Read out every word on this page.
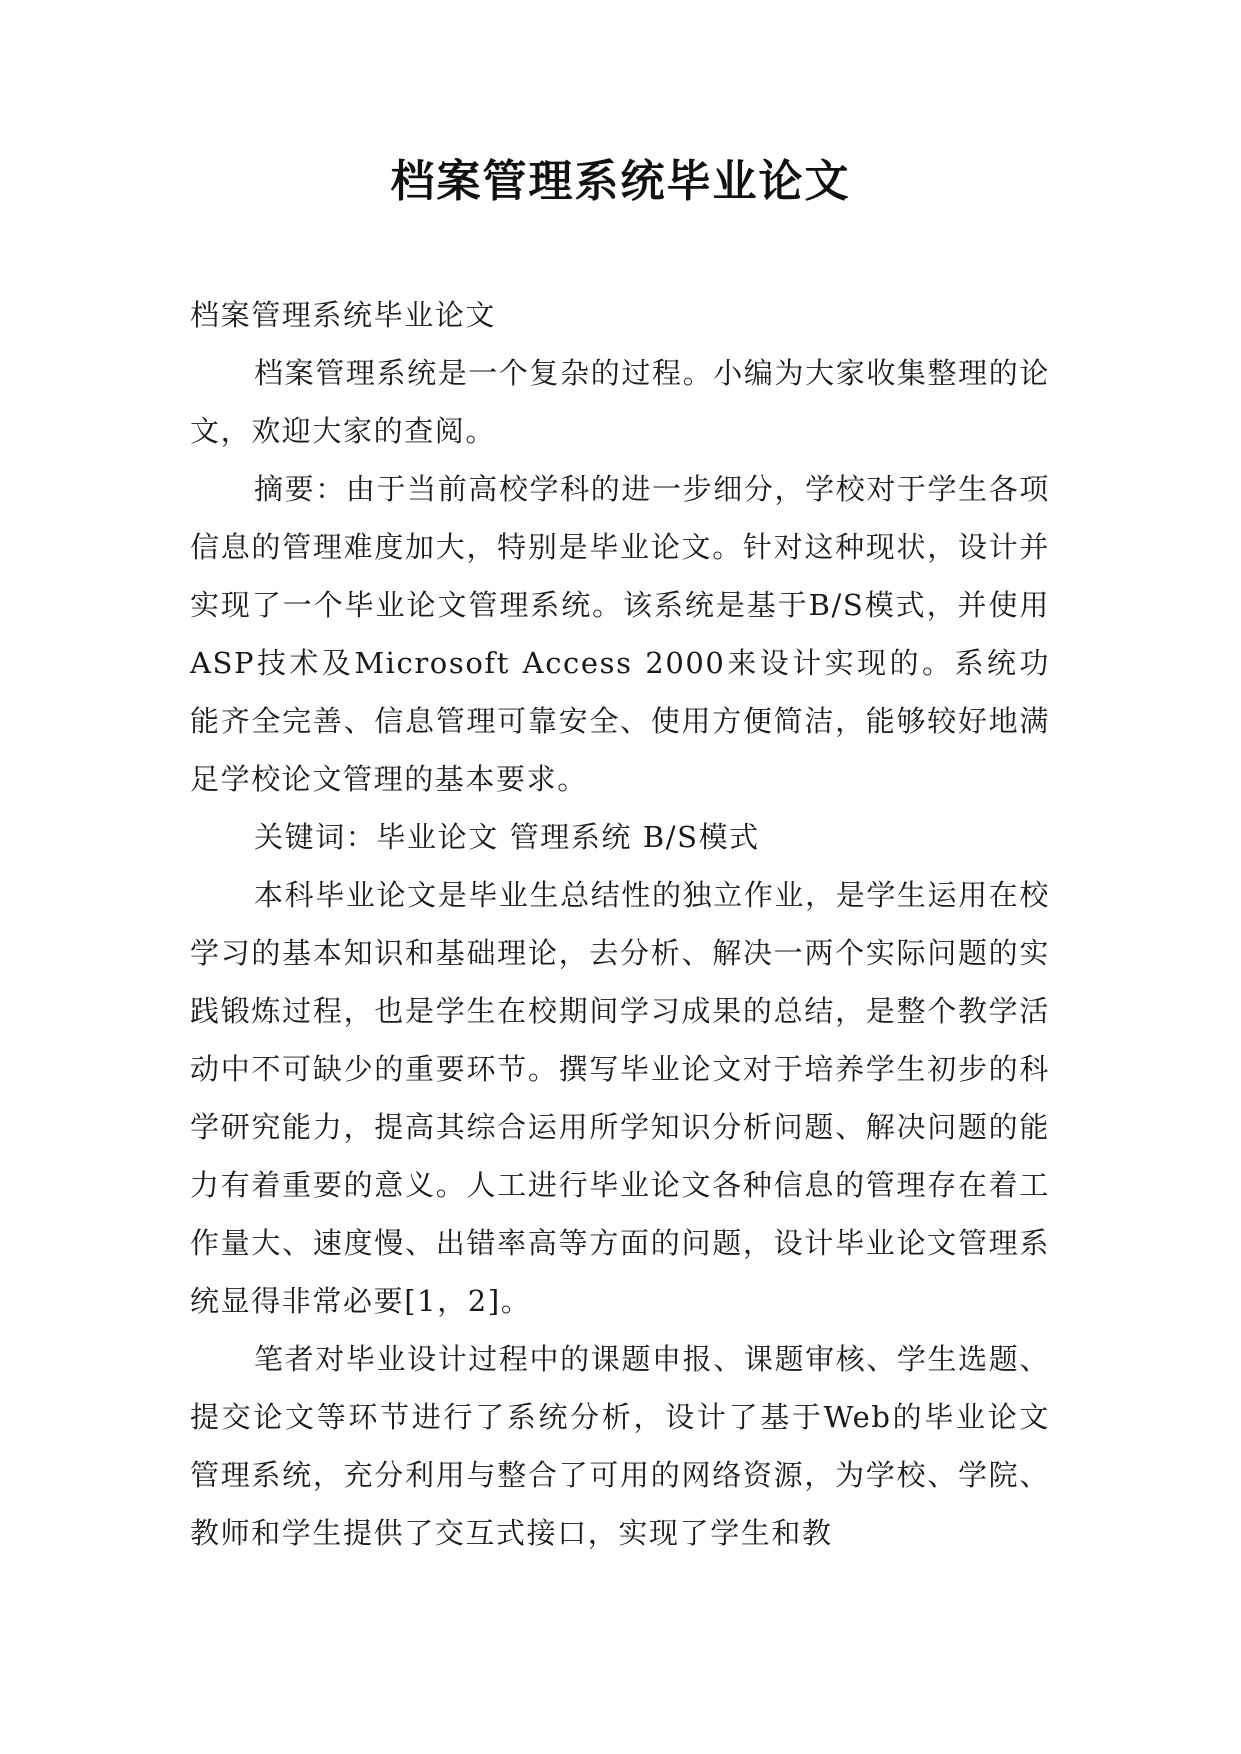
档案管理系统毕业论文

档案管理系统毕业论文

档案管理系统是一个复杂的过程。小编为大家收集整理的论文，欢迎大家的查阅。

摘要：由于当前高校学科的进一步细分，学校对于学生各项信息的管理难度加大，特别是毕业论文。针对这种现状，设计并实现了一个毕业论文管理系统。该系统是基于B/S模式，并使用ASP技术及Microsoft Access 2000来设计实现的。系统功能齐全完善、信息管理可靠安全、使用方便简洁，能够较好地满足学校论文管理的基本要求。

关键词：毕业论文 管理系统 B/S模式

本科毕业论文是毕业生总结性的独立作业，是学生运用在校学习的基本知识和基础理论，去分析、解决一两个实际问题的实践锻炼过程，也是学生在校期间学习成果的总结，是整个教学活动中不可缺少的重要环节。撰写毕业论文对于培养学生初步的科学研究能力，提高其综合运用所学知识分析问题、解决问题的能力有着重要的意义。人工进行毕业论文各种信息的管理存在着工作量大、速度慢、出错率高等方面的问题，设计毕业论文管理系统显得非常必要[1，2]。

笔者对毕业设计过程中的课题申报、课题审核、学生选题、提交论文等环节进行了系统分析，设计了基于Web的毕业论文管理系统，充分利用与整合了可用的网络资源，为学校、学院、教师和学生提供了交互式接口，实现了学生和教
